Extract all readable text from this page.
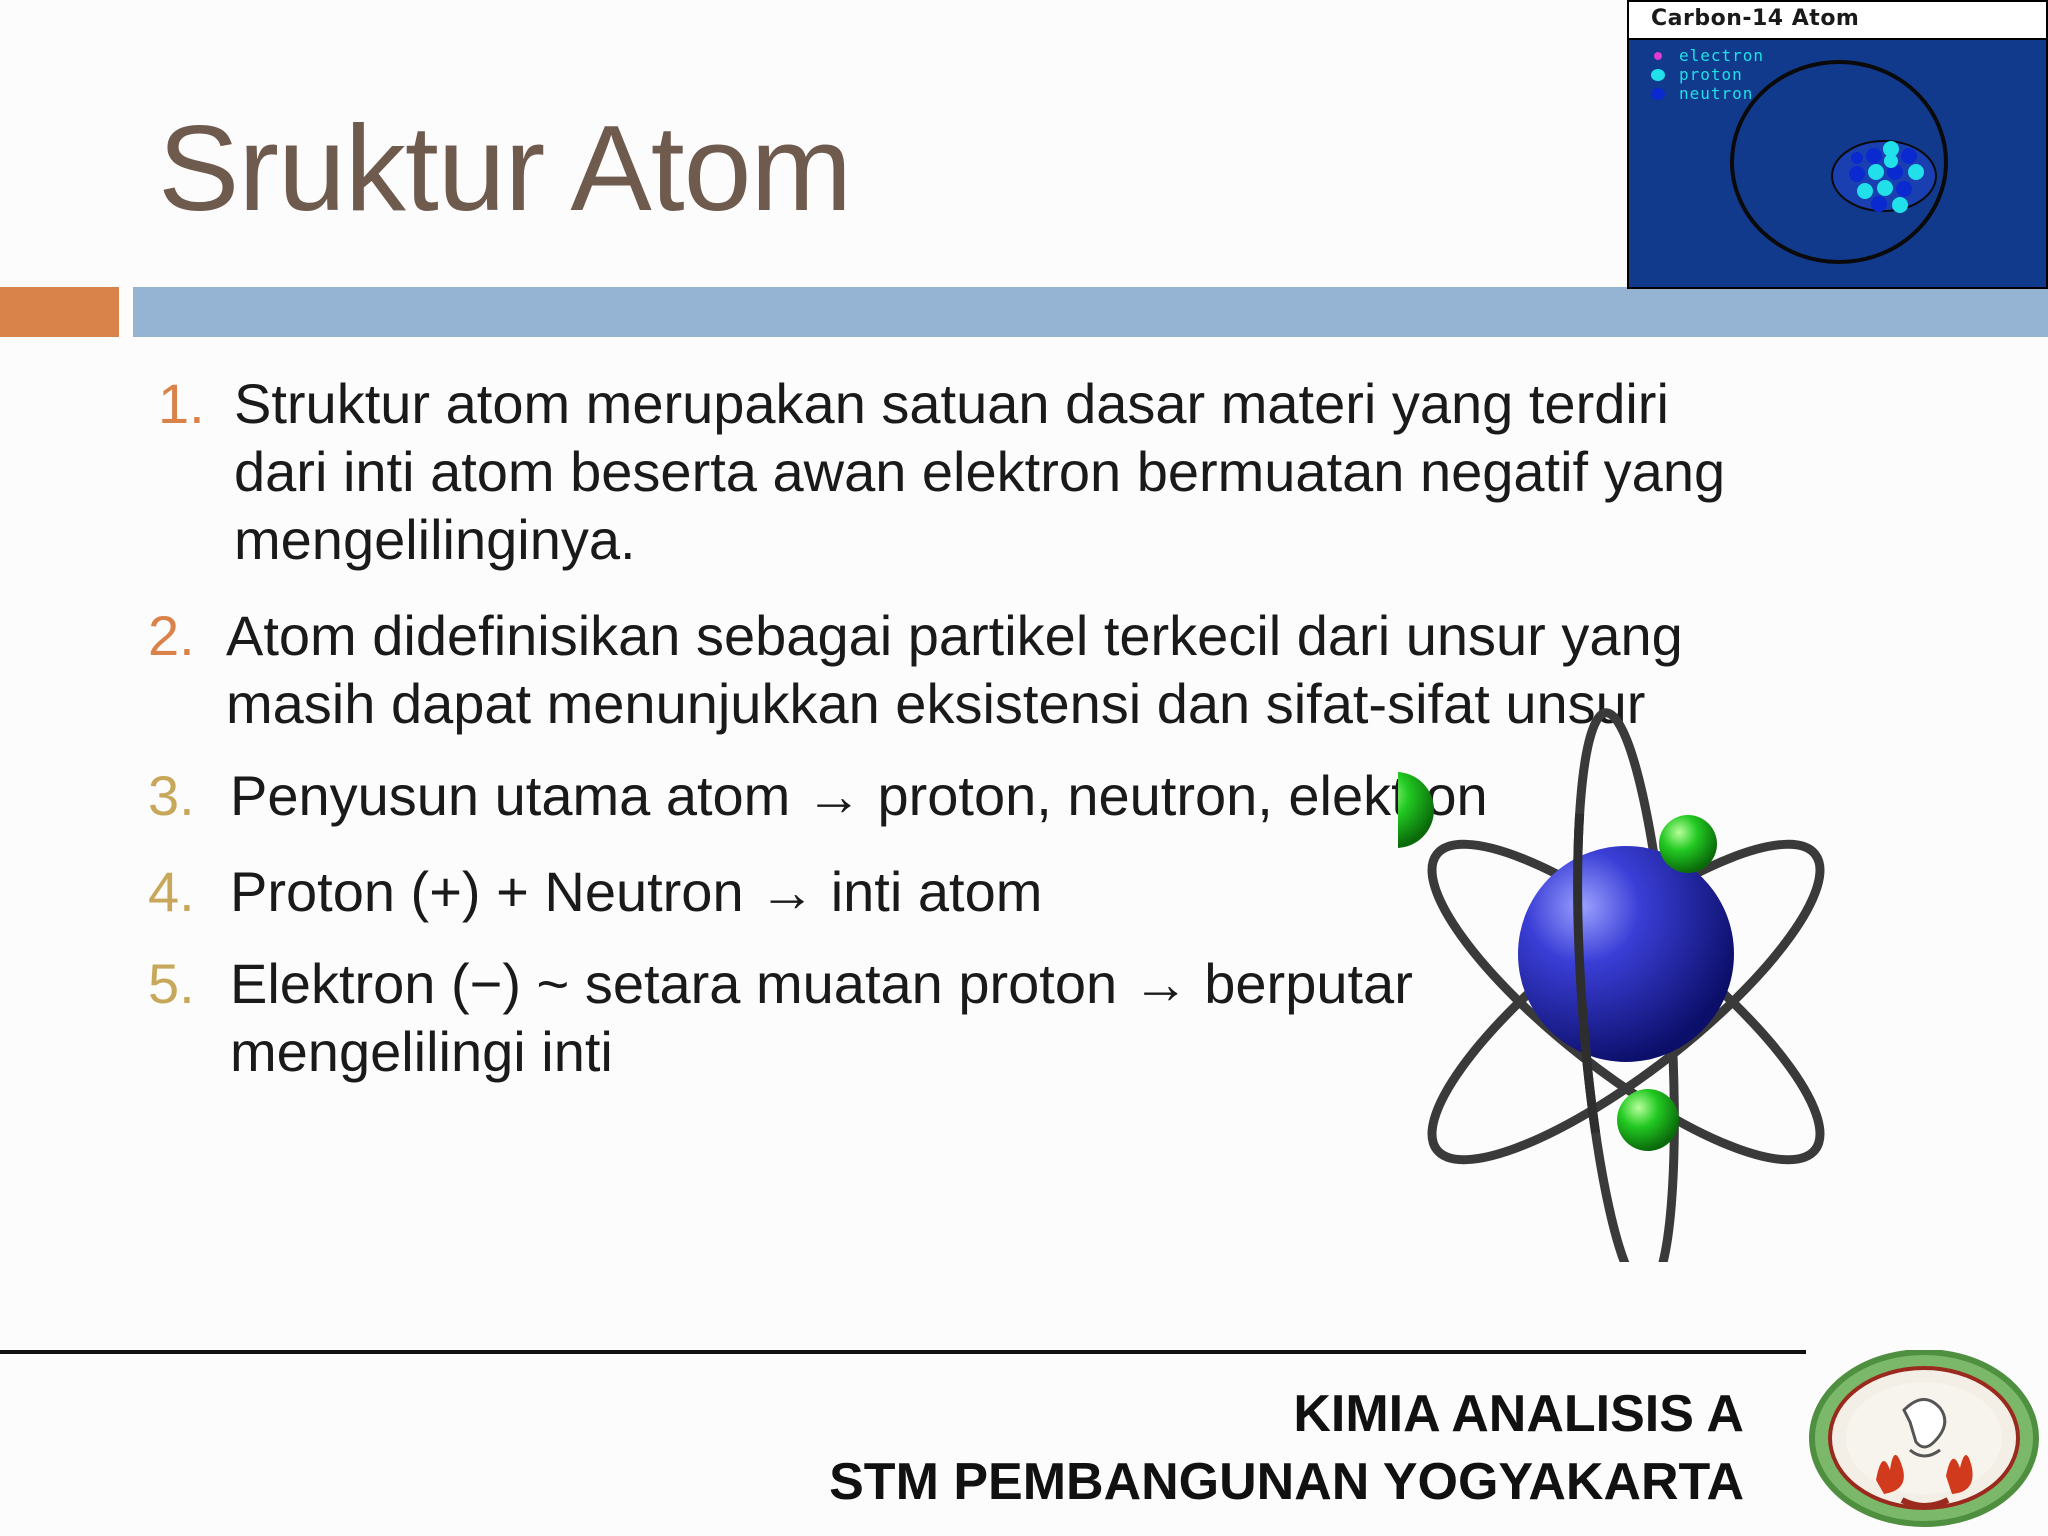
Sruktur Atom
Carbon-14 Atom
electron
proton
neutron
1. Struktur atom merupakan satuan dasar materi yang terdiri
dari inti atom beserta awan elektron bermuatan negatif yang
mengelilinginya.
2. Atom didefinisikan sebagai partikel terkecil dari unsur yang
masih dapat menunjukkan eksistensi dan sifat-sifat unsur
3. Penyusun utama atom → proton, neutron, elektron
4. Proton (+) + Neutron → inti atom
5. Elektron (−) ~ setara muatan proton → berputar
mengelilingi inti
KIMIA ANALISIS A
STM PEMBANGUNAN YOGYAKARTA
